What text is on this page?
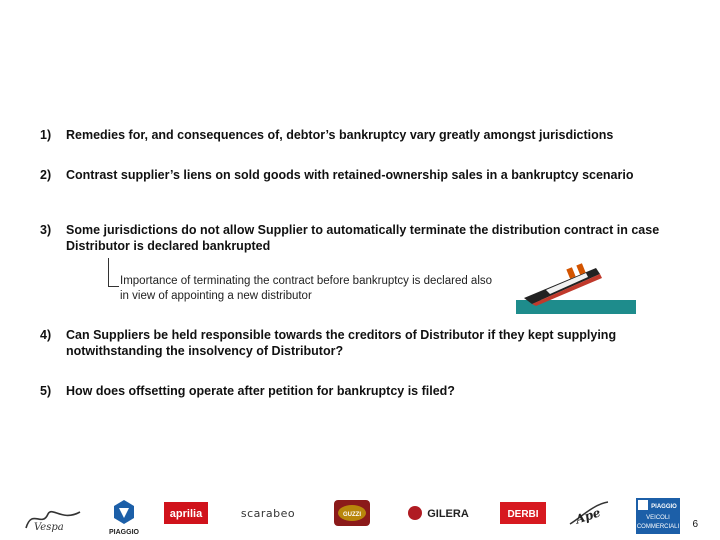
1) Remedies for, and consequences of, debtor’s bankruptcy vary greatly amongst jurisdictions
2) Contrast supplier’s liens on sold goods with retained-ownership sales in a bankruptcy scenario
3) Some jurisdictions do not allow Supplier to automatically terminate the distribution contract in case Distributor is declared bankrupted
Importance of terminating the contract before bankruptcy is declared also in view of appointing a new distributor
4) Can Suppliers be held responsible towards the creditors of Distributor if they kept supplying notwithstanding the insolvency of Distributor?
5) How does offsetting operate after petition for bankruptcy is filed?
Vespa	PIAGGIO
aprilia	scarabeo	GUZZI	GILERA	DERBI	Ape	PIAGGIO
VEICOLI
COMMERCIALI 6
